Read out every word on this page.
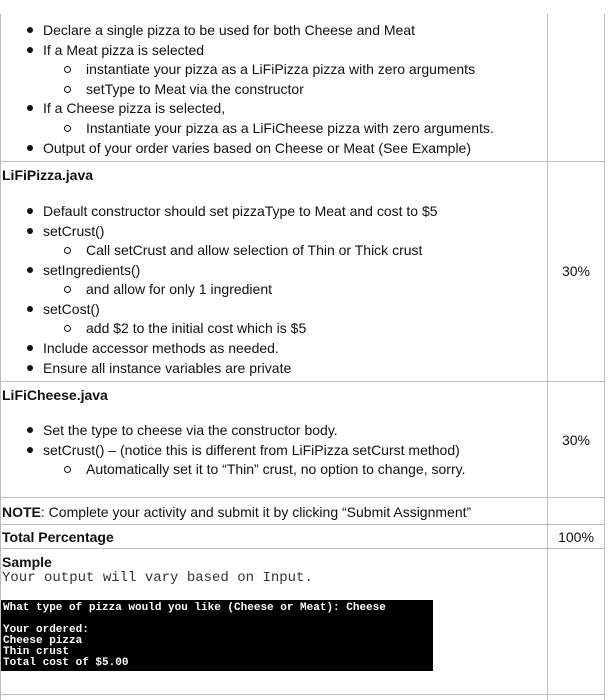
Declare a single pizza to be used for both Cheese and Meat
If a Meat pizza is selected
instantiate your pizza as a LiFiPizza pizza with zero arguments
setType to Meat via the constructor
If a Cheese pizza is selected,
Instantiate your pizza as a LiFiCheese pizza with zero arguments.
Output of your order varies based on Cheese or Meat (See Example)
LiFiPizza.java
Default constructor should set pizzaType to Meat and cost to $5
setCrust()
Call setCrust and allow selection of Thin or Thick crust
setIngredients()
and allow for only 1 ingredient
setCost()
add $2 to the initial cost which is $5
Include accessor methods as needed.
Ensure all instance variables are private
30%
LiFiCheese.java
Set the type to cheese via the constructor body.
setCrust() – (notice this is different from LiFiPizza setCurst method)
Automatically set it to “Thin” crust, no option to change, sorry.
30%
NOTE: Complete your activity and submit it by clicking “Submit Assignment”
Total Percentage	100%
Sample
Your output will vary based on Input.
What type of pizza would you like (Cheese or Meat): Cheese
Your ordered:
Cheese pizza
Thin crust
Total cost of $5.00
